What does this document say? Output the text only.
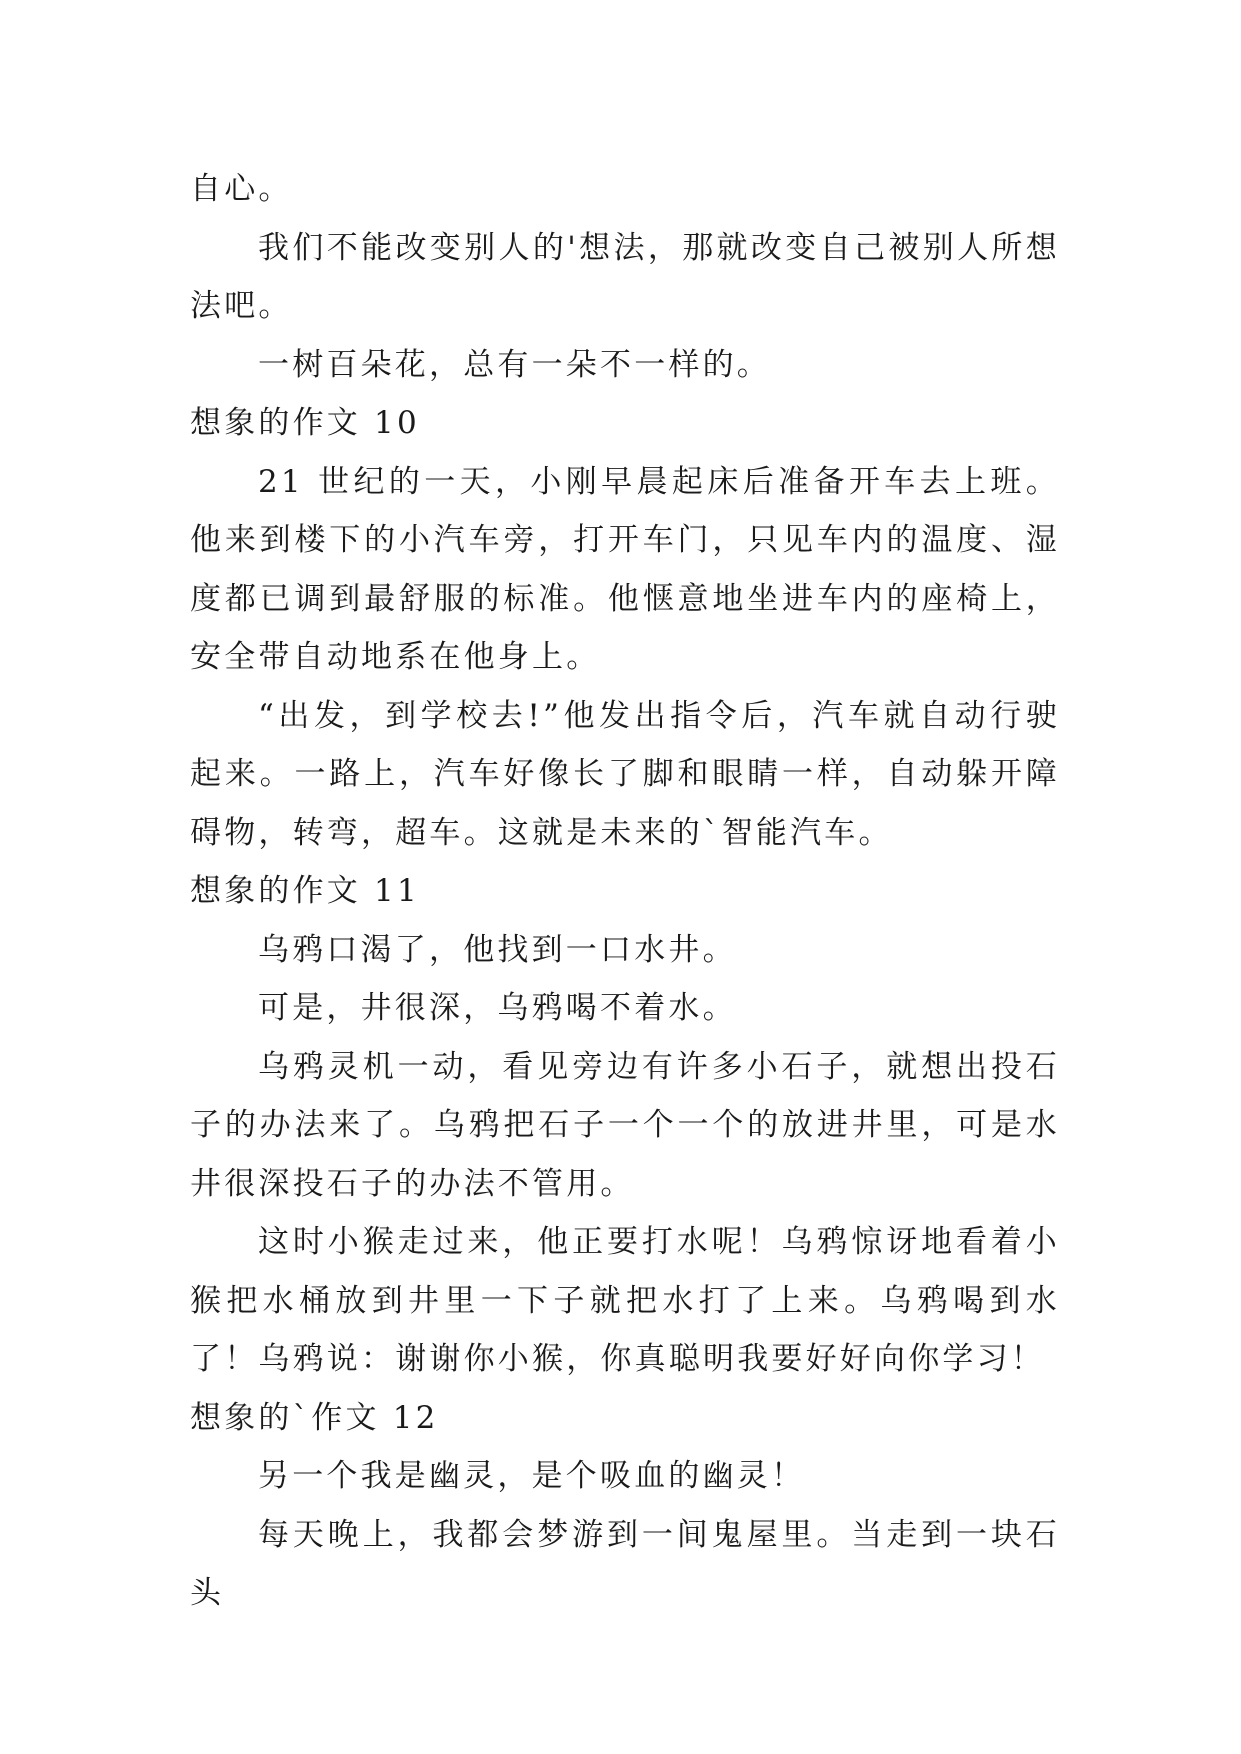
自心。

我们不能改变别人的'想法，那就改变自己被别人所想法吧。

一树百朵花，总有一朵不一样的。

想象的作文 10

21 世纪的一天，小刚早晨起床后准备开车去上班。他来到楼下的小汽车旁，打开车门，只见车内的温度、湿度都已调到最舒服的标准。他惬意地坐进车内的座椅上，安全带自动地系在他身上。

“出发，到学校去!”他发出指令后，汽车就自动行驶起来。一路上，汽车好像长了脚和眼睛一样，自动躲开障碍物，转弯，超车。这就是未来的`智能汽车。

想象的作文 11

乌鸦口渴了，他找到一口水井。

可是，井很深，乌鸦喝不着水。

乌鸦灵机一动，看见旁边有许多小石子，就想出投石子的办法来了。乌鸦把石子一个一个的放进井里，可是水井很深投石子的办法不管用。

这时小猴走过来，他正要打水呢！乌鸦惊讶地看着小猴把水桶放到井里一下子就把水打了上来。乌鸦喝到水了！乌鸦说：谢谢你小猴，你真聪明我要好好向你学习！

想象的`作文 12

另一个我是幽灵，是个吸血的幽灵！

每天晚上，我都会梦游到一间鬼屋里。当走到一块石头
